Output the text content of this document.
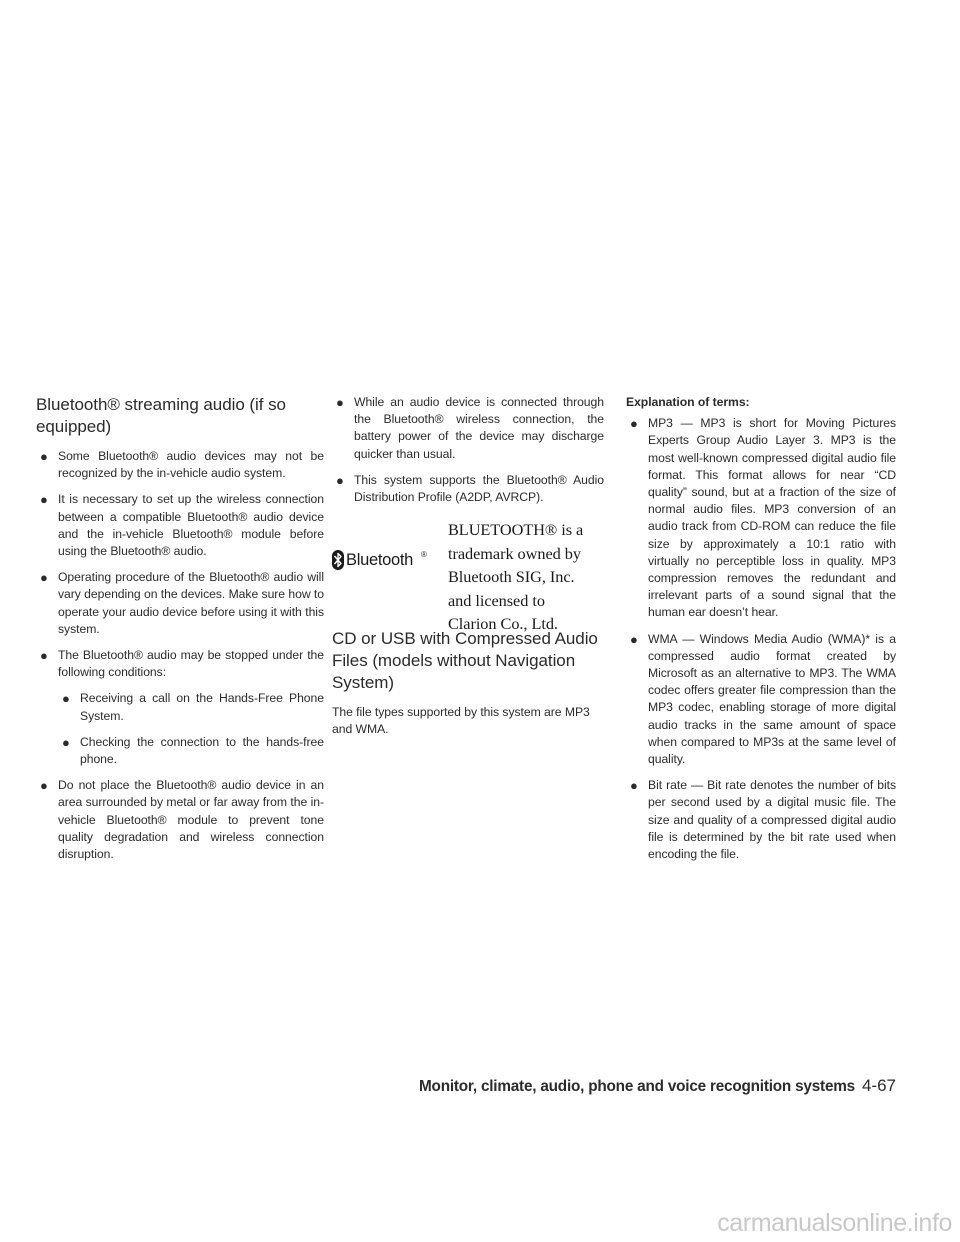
Bluetooth® streaming audio (if so equipped)
● Some Bluetooth® audio devices may not be recognized by the in-vehicle audio system.
● It is necessary to set up the wireless connection between a compatible Bluetooth® audio device and the in-vehicle Bluetooth® module before using the Bluetooth® audio.
● Operating procedure of the Bluetooth® audio will vary depending on the devices. Make sure how to operate your audio device before using it with this system.
● The Bluetooth® audio may be stopped under the following conditions:
● Receiving a call on the Hands-Free Phone System.
● Checking the connection to the hands-free phone.
● Do not place the Bluetooth® audio device in an area surrounded by metal or far away from the in-vehicle Bluetooth® module to prevent tone quality degradation and wireless connection disruption.
● While an audio device is connected through the Bluetooth® wireless connection, the battery power of the device may discharge quicker than usual.
● This system supports the Bluetooth® Audio Distribution Profile (A2DP, AVRCP).
Bluetooth ®
BLUETOOTH® is a
trademark owned by
Bluetooth SIG, Inc.
and licensed to
Clarion Co., Ltd.
CD or USB with Compressed Audio Files (models without Navigation System)

The file types supported by this system are MP3 and WMA.

Explanation of terms:
● MP3 — MP3 is short for Moving Pictures Experts Group Audio Layer 3. MP3 is the most well-known compressed digital audio file format. This format allows for near “CD quality” sound, but at a fraction of the size of normal audio files. MP3 conversion of an audio track from CD-ROM can reduce the file size by approximately a 10:1 ratio with virtually no perceptible loss in quality. MP3 compression removes the redundant and irrelevant parts of a sound signal that the human ear doesn’t hear.
● WMA — Windows Media Audio (WMA)* is a compressed audio format created by Microsoft as an alternative to MP3. The WMA codec offers greater file compression than the MP3 codec, enabling storage of more digital audio tracks in the same amount of space when compared to MP3s at the same level of quality.
● Bit rate — Bit rate denotes the number of bits per second used by a digital music file. The size and quality of a compressed digital audio file is determined by the bit rate used when encoding the file.
Monitor, climate, audio, phone and voice recognition systems 4-67
carmanualsonline.info
